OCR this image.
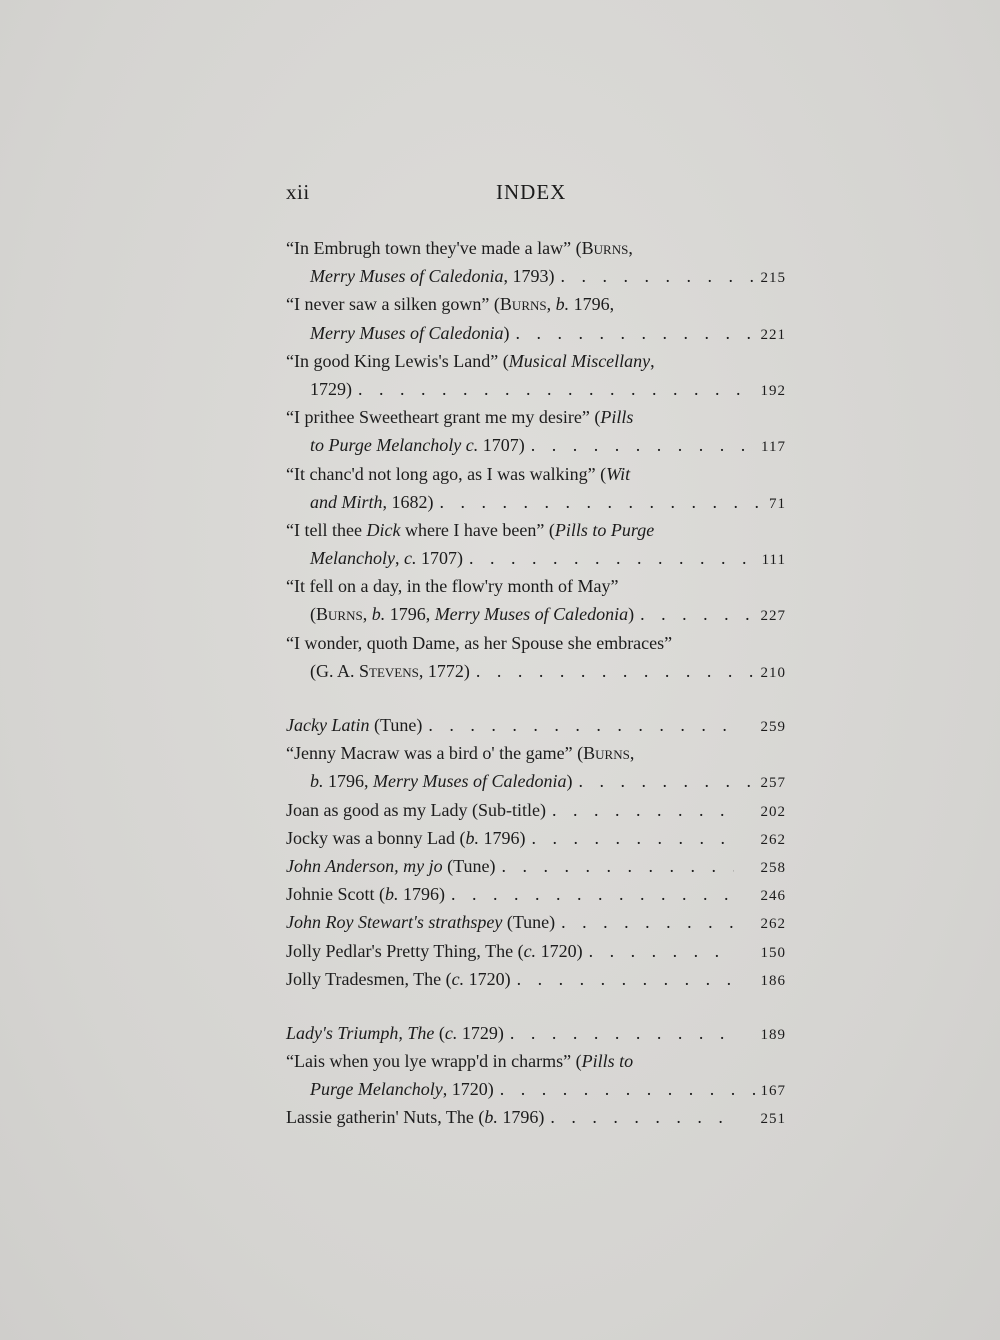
xii	INDEX
“In Embrugh town they've made a law” (Burns,
Merry Muses of Caledonia, 1793) . . .	215
“I never saw a silken gown” (Burns, b. 1796,
Merry Muses of Caledonia) . . .	221
“In good King Lewis's Land” (Musical Miscellany,
1729) . . .	192
“I prithee Sweetheart grant me my desire” (Pills
to Purge Melancholy c. 1707) . . .	117
“It chanc'd not long ago, as I was walking” (Wit
and Mirth, 1682) . . .	71
“I tell thee Dick where I have been” (Pills to Purge
Melancholy, c. 1707) . . .	111
“It fell on a day, in the flow'ry month of May”
(Burns, b. 1796, Merry Muses of Caledonia) . . .	227
“I wonder, quoth Dame, as her Spouse she embraces”
(G. A. Stevens, 1772) . . .	210
Jacky Latin (Tune) . . .	259
“Jenny Macraw was a bird o' the game” (Burns,
b. 1796, Merry Muses of Caledonia) . . .	257
Joan as good as my Lady (Sub-title) . . .	202
Jocky was a bonny Lad (b. 1796) . . .	262
John Anderson, my jo (Tune) . . .	258
Johnie Scott (b. 1796) . . .	246
John Roy Stewart's strathspey (Tune) . . .	262
Jolly Pedlar's Pretty Thing, The (c. 1720) . . .	150
Jolly Tradesmen, The (c. 1720) . . .	186
Lady's Triumph, The (c. 1729) . . .	189
“Lais when you lye wrapp'd in charms” (Pills to
Purge Melancholy, 1720) . . .	167
Lassie gatherin' Nuts, The (b. 1796) . . .	251
